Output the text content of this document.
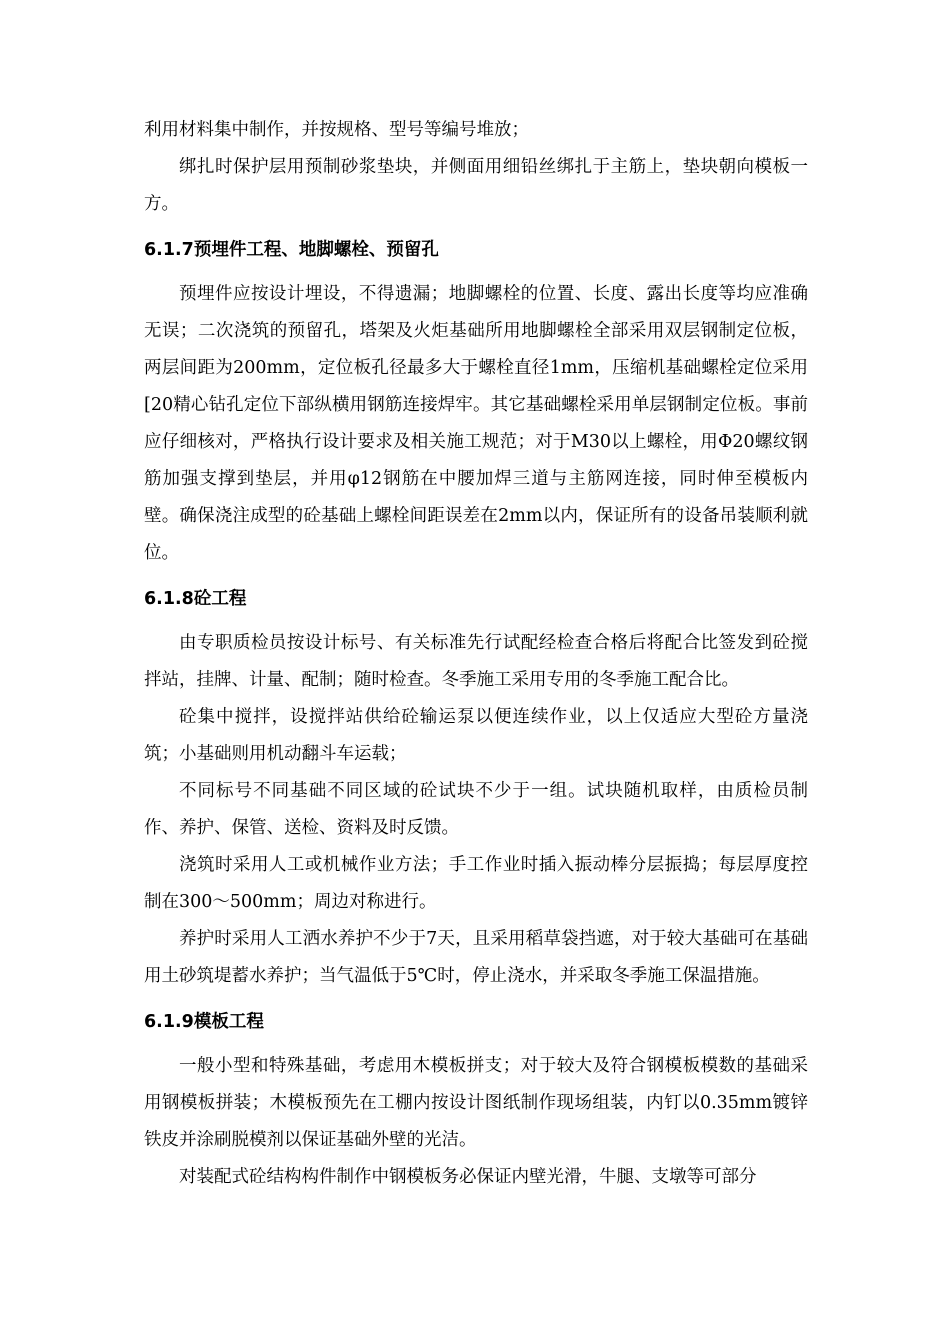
利用材料集中制作，并按规格、型号等编号堆放；

绑扎时保护层用预制砂浆垫块，并侧面用细铅丝绑扎于主筋上，垫块朝向模板一方。

6.1.7预埋件工程、地脚螺栓、预留孔

预埋件应按设计埋设，不得遗漏；地脚螺栓的位置、长度、露出长度等均应准确无误；二次浇筑的预留孔，塔架及火炬基础所用地脚螺栓全部采用双层钢制定位板，两层间距为200mm，定位板孔径最多大于螺栓直径1mm，压缩机基础螺栓定位采用[20精心钻孔定位下部纵横用钢筋连接焊牢。其它基础螺栓采用单层钢制定位板。事前应仔细核对，严格执行设计要求及相关施工规范；对于M30以上螺栓，用Φ20螺纹钢筋加强支撑到垫层，并用φ12钢筋在中腰加焊三道与主筋网连接，同时伸至模板内壁。确保浇注成型的砼基础上螺栓间距误差在2mm以内，保证所有的设备吊装顺利就位。

6.1.8砼工程

由专职质检员按设计标号、有关标准先行试配经检查合格后将配合比签发到砼搅拌站，挂牌、计量、配制；随时检查。冬季施工采用专用的冬季施工配合比。

砼集中搅拌，设搅拌站供给砼输运泵以便连续作业，以上仅适应大型砼方量浇筑；小基础则用机动翻斗车运载；

不同标号不同基础不同区域的砼试块不少于一组。试块随机取样，由质检员制作、养护、保管、送检、资料及时反馈。

浇筑时采用人工或机械作业方法；手工作业时插入振动棒分层振捣；每层厚度控制在300～500mm；周边对称进行。

养护时采用人工洒水养护不少于7天，且采用稻草袋挡遮，对于较大基础可在基础用土砂筑堤蓄水养护；当气温低于5℃时，停止浇水，并采取冬季施工保温措施。

6.1.9模板工程

一般小型和特殊基础，考虑用木模板拼支；对于较大及符合钢模板模数的基础采用钢模板拼装；木模板预先在工棚内按设计图纸制作现场组装，内钉以0.35mm镀锌铁皮并涂刷脱模剂以保证基础外壁的光洁。

对装配式砼结构构件制作中钢模板务必保证内壁光滑，牛腿、支墩等可部分
